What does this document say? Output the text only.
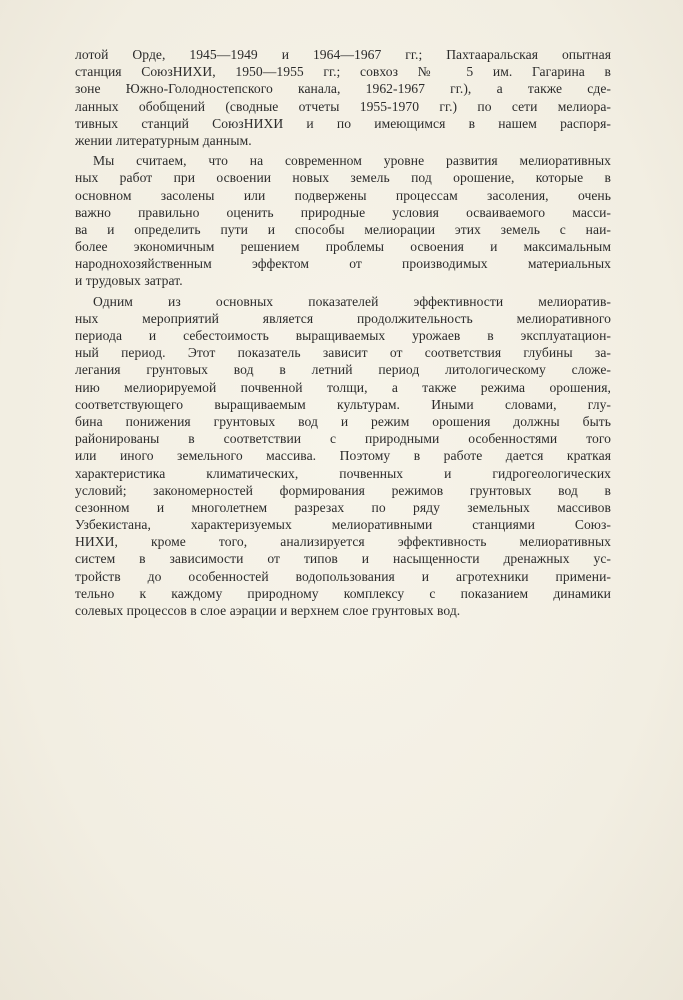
лотой Орде, 1945—1949 и 1964—1967 гг.; Пахтааральская опытная
станция СоюзНИХИ, 1950—1955 гг.; совхоз № 5 им. Гагарина в
зоне Южно-Голодностепского канала, 1962-1967 гг.), а также сде-
ланных обобщений (сводные отчеты 1955-1970 гг.) по сети мелиора-
тивных станций СоюзНИХИ и по имеющимся в нашем распоря-
жении литературным данным.
Мы считаем, что на современном уровне развития мелиоративных
ных работ при освоении новых земель под орошение, которые в
основном засолены или подвержены процессам засоления, очень
важно правильно оценить природные условия осваиваемого масси-
ва и определить пути и способы мелиорации этих земель с наи-
более экономичным решением проблемы освоения и максимальным
народнохозяйственным эффектом от производимых материальных
и трудовых затрат.
Одним из основных показателей эффективности мелиоратив-
ных мероприятий является продолжительность мелиоративного
периода и себестоимость выращиваемых урожаев в эксплуатацион-
ный период. Этот показатель зависит от соответствия глубины за-
легания грунтовых вод в летний период литологическому сложе-
нию мелиорируемой почвенной толщи, а также режима орошения,
соответствующего выращиваемым культурам. Иными словами, глу-
бина понижения грунтовых вод и режим орошения должны быть
районированы в соответствии с природными особенностями того
или иного земельного массива. Поэтому в работе дается краткая
характеристика климатических, почвенных и гидрогеологических
условий; закономерностей формирования режимов грунтовых вод в
сезонном и многолетнем разрезах по ряду земельных массивов
Узбекистана, характеризуемых мелиоративными станциями Союз-
НИХИ, кроме того, анализируется эффективность мелиоративных
систем в зависимости от типов и насыщенности дренажных ус-
тройств до особенностей водопользования и агротехники примени-
тельно к каждому природному комплексу с показанием динамики
солевых процессов в слое аэрации и верхнем слое грунтовых вод.
